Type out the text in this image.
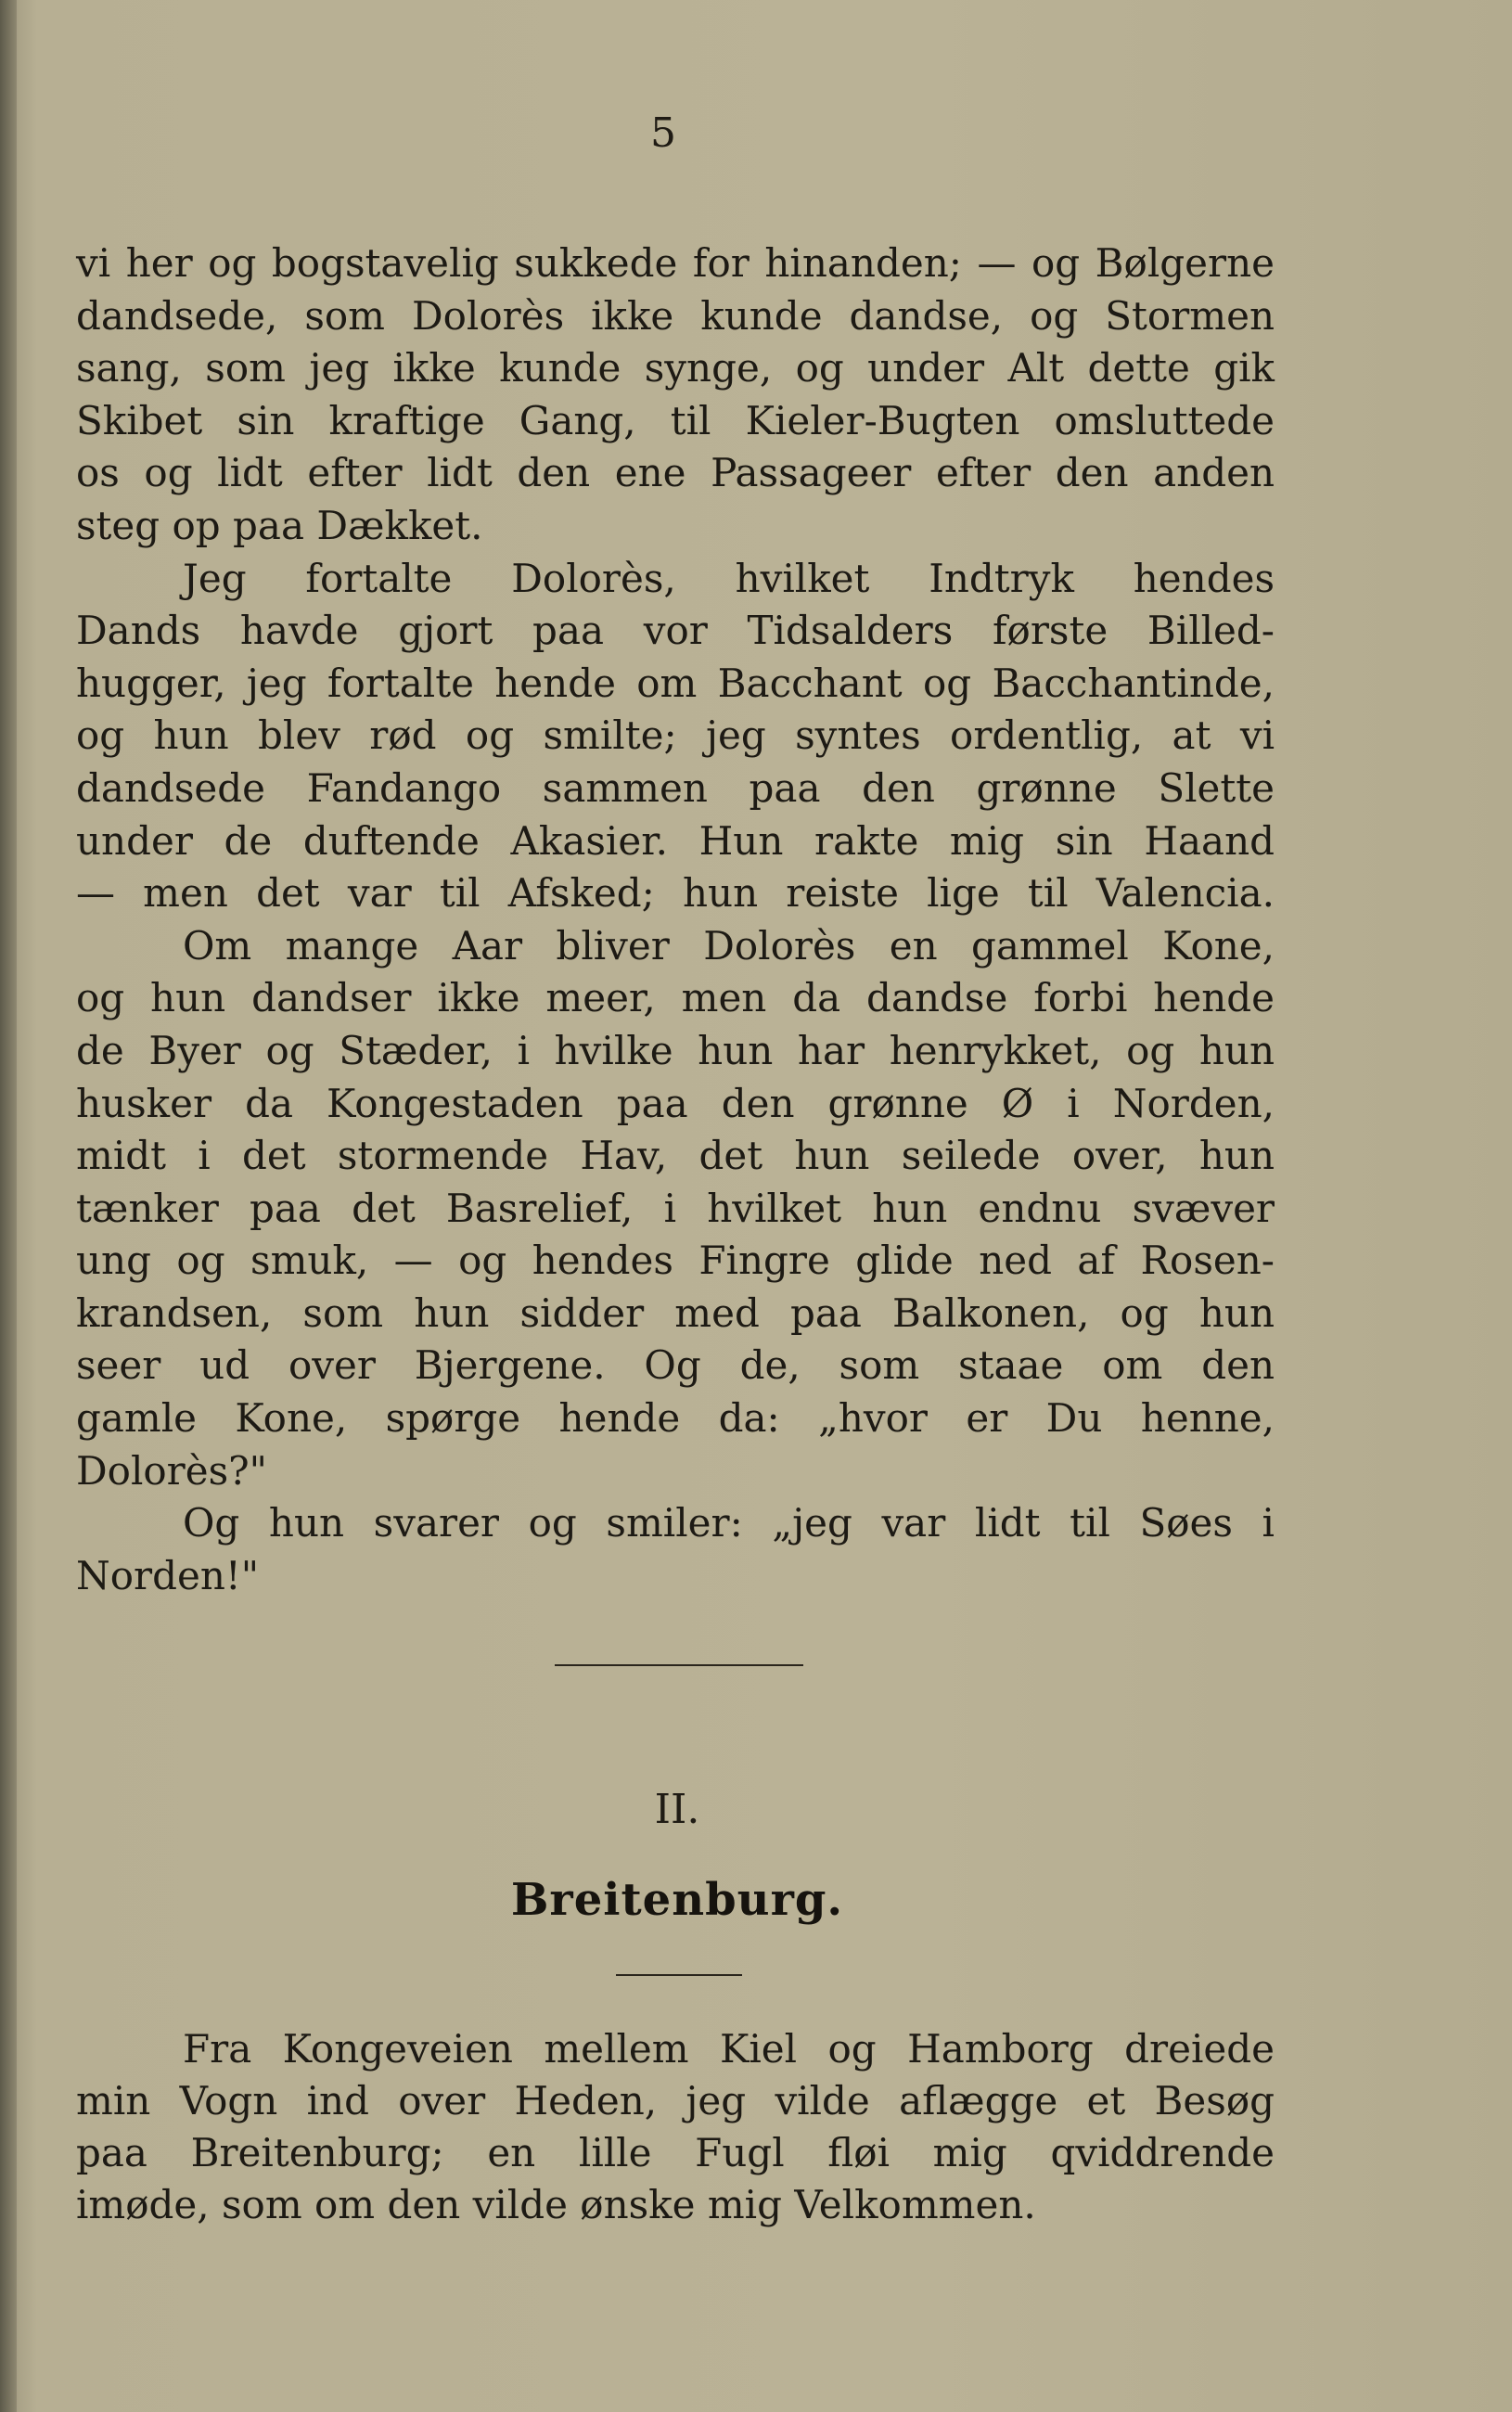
5
vi her og bogstavelig sukkede for hinanden; — og Bølgerne
dandsede, som Dolorès ikke kunde dandse, og Stormen
sang, som jeg ikke kunde synge, og under Alt dette gik
Skibet sin kraftige Gang, til Kieler-Bugten omsluttede
os og lidt efter lidt den ene Passageer efter den anden
steg op paa Dækket.
Jeg fortalte Dolorès, hvilket Indtryk hendes
Dands havde gjort paa vor Tidsalders første Billed-
hugger, jeg fortalte hende om Bacchant og Bacchantinde,
og hun blev rød og smilte; jeg syntes ordentlig, at vi
dandsede Fandango sammen paa den grønne Slette
under de duftende Akasier. Hun rakte mig sin Haand
— men det var til Afsked; hun reiste lige til Valencia.
Om mange Aar bliver Dolorès en gammel Kone,
og hun dandser ikke meer, men da dandse forbi hende
de Byer og Stæder, i hvilke hun har henrykket, og hun
husker da Kongestaden paa den grønne Ø i Norden,
midt i det stormende Hav, det hun seilede over, hun
tænker paa det Basrelief, i hvilket hun endnu svæver
ung og smuk, — og hendes Fingre glide ned af Rosen-
krandsen, som hun sidder med paa Balkonen, og hun
seer ud over Bjergene. Og de, som staae om den
gamle Kone, spørge hende da: „hvor er Du henne,
Dolorès?"
Og hun svarer og smiler: „jeg var lidt til Søes i
Norden!"
II.
Breitenburg.
Fra Kongeveien mellem Kiel og Hamborg dreiede
min Vogn ind over Heden, jeg vilde aflægge et Besøg
paa Breitenburg; en lille Fugl fløi mig qviddrende
imøde, som om den vilde ønske mig Velkommen.
